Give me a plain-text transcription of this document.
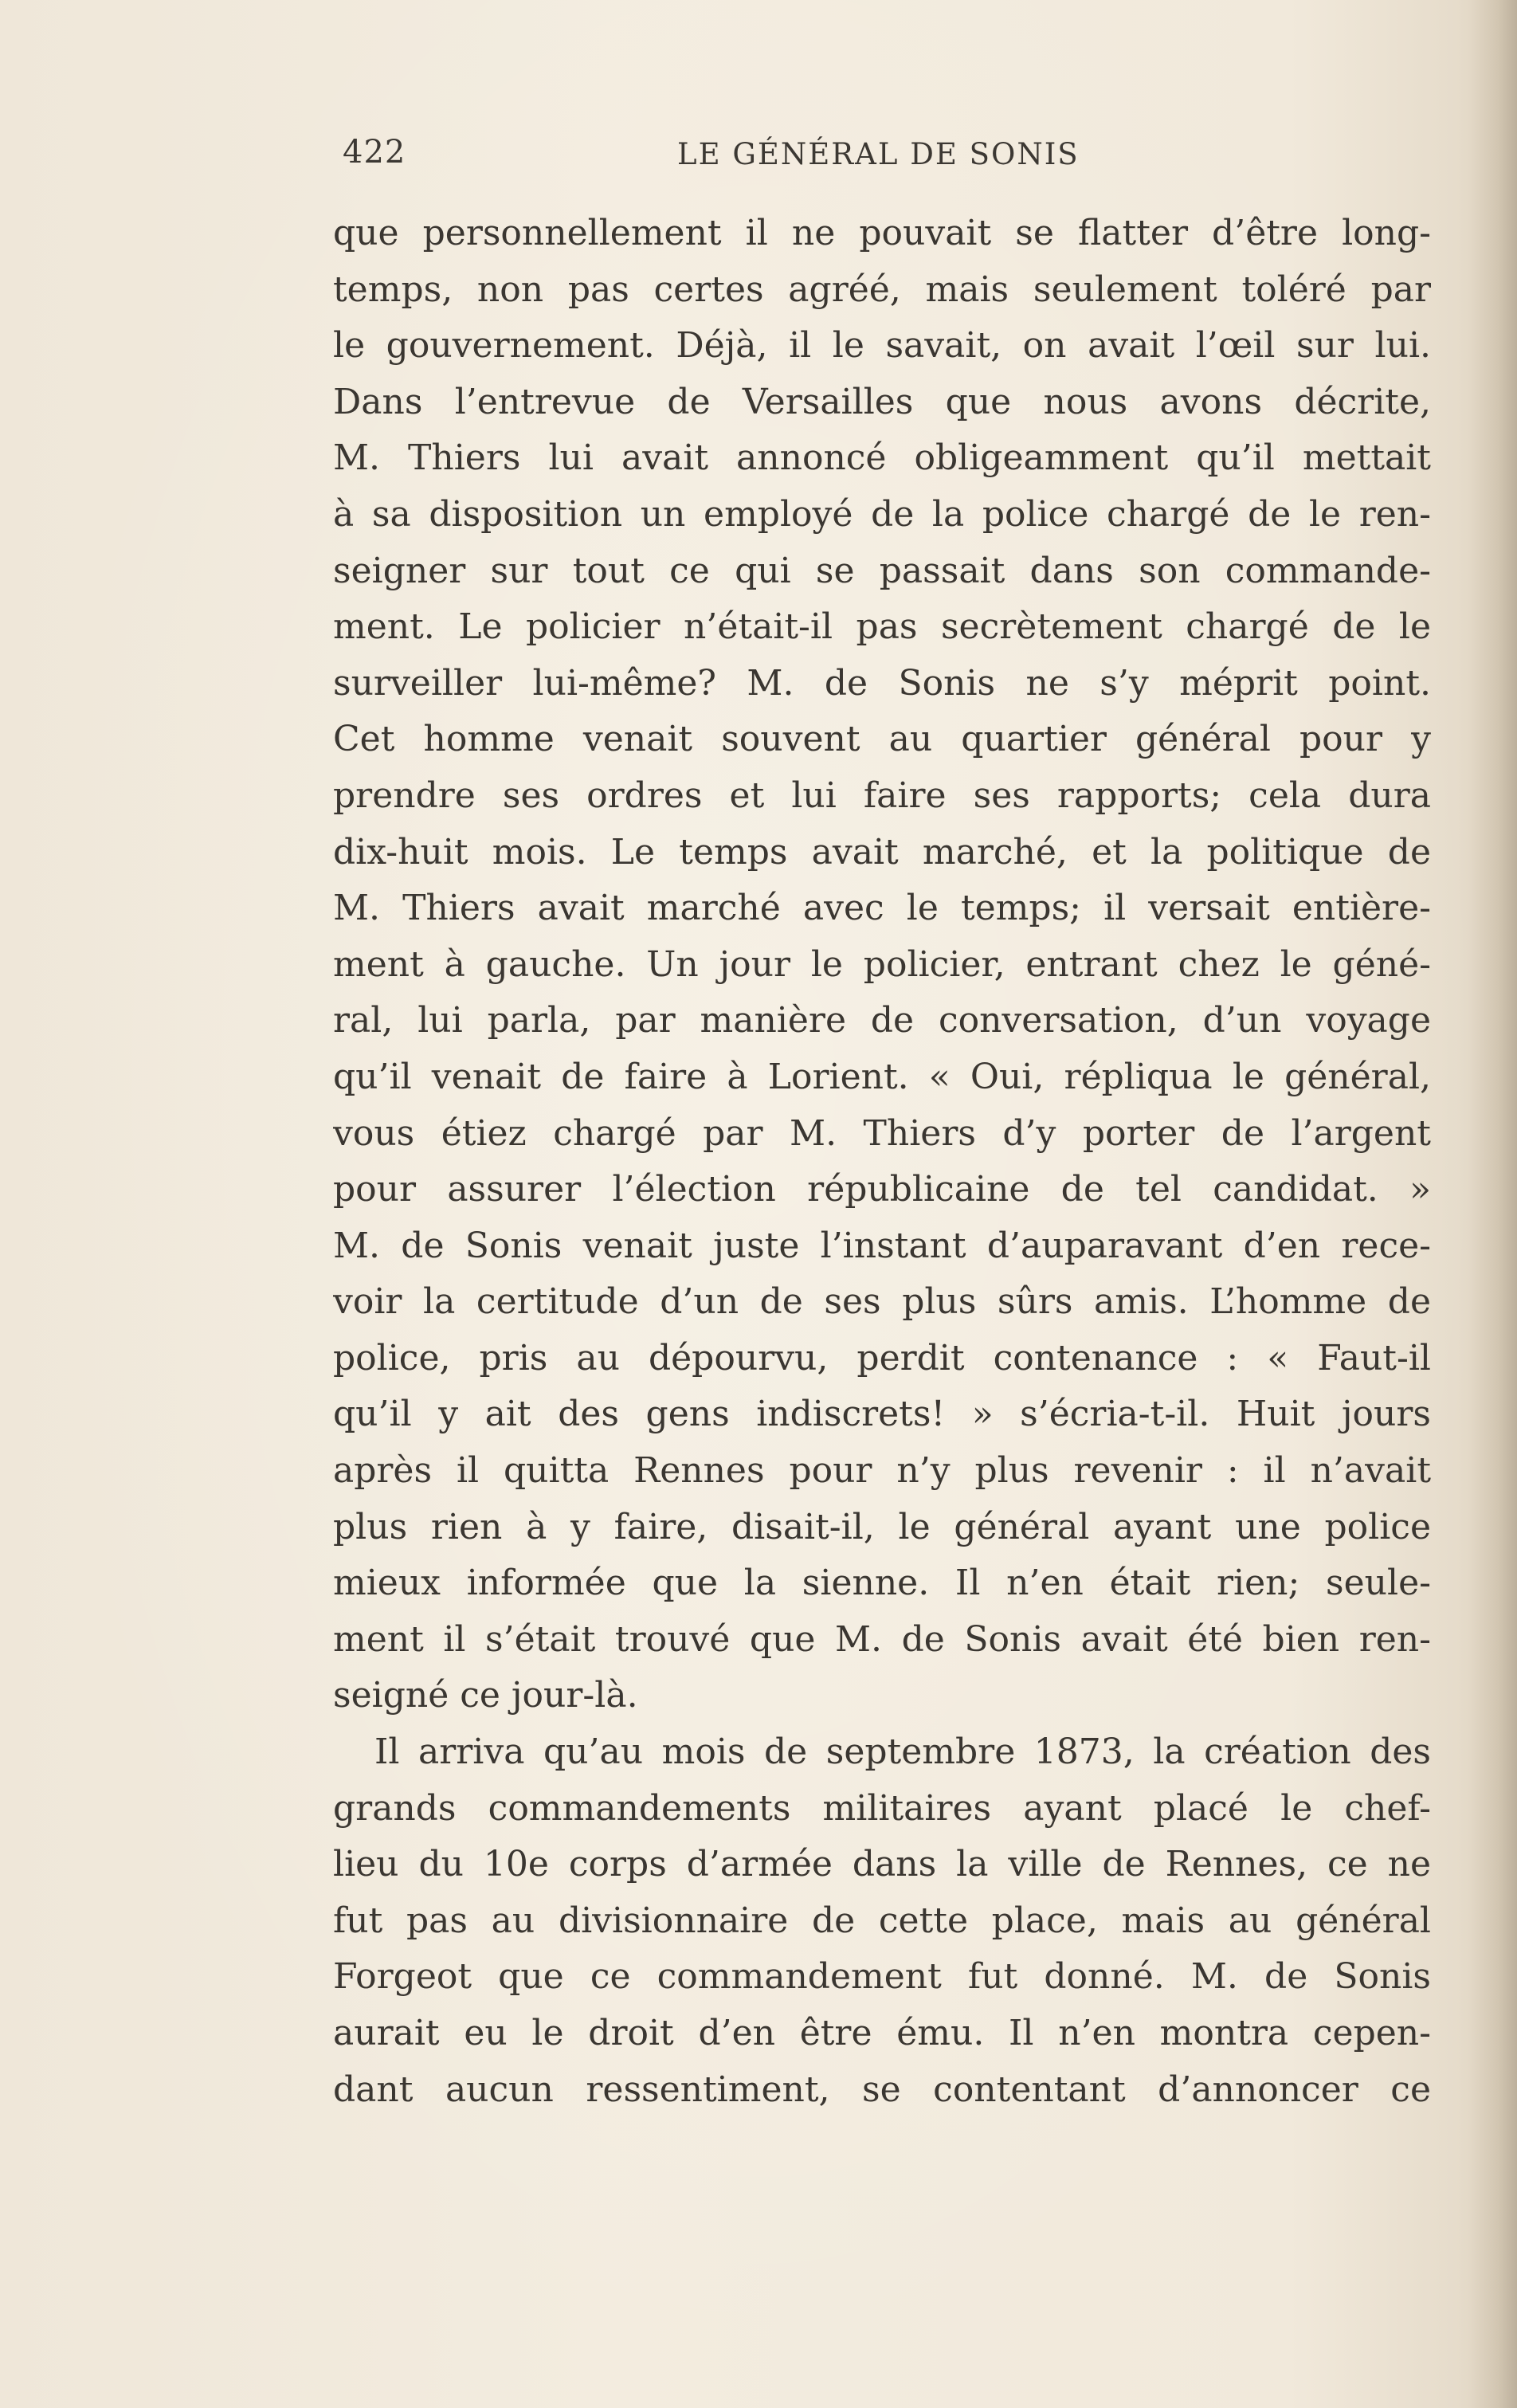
422	LE GÉNÉRAL DE SONIS
que personnellement il ne pouvait se flatter d’être long-
temps, non pas certes agréé, mais seulement toléré par
le gouvernement. Déjà, il le savait, on avait l’œil sur lui.
Dans l’entrevue de Versailles que nous avons décrite,
M. Thiers lui avait annoncé obligeamment qu’il mettait
à sa disposition un employé de la police chargé de le ren-
seigner sur tout ce qui se passait dans son commande-
ment. Le policier n’était-il pas secrètement chargé de le
surveiller lui-même? M. de Sonis ne s’y méprit point.
Cet homme venait souvent au quartier général pour y
prendre ses ordres et lui faire ses rapports; cela dura
dix-huit mois. Le temps avait marché, et la politique de
M. Thiers avait marché avec le temps; il versait entière-
ment à gauche. Un jour le policier, entrant chez le géné-
ral, lui parla, par manière de conversation, d’un voyage
qu’il venait de faire à Lorient. « Oui, répliqua le général,
vous étiez chargé par M. Thiers d’y porter de l’argent
pour assurer l’élection républicaine de tel candidat. »
M. de Sonis venait juste l’instant d’auparavant d’en rece-
voir la certitude d’un de ses plus sûrs amis. L’homme de
police, pris au dépourvu, perdit contenance : « Faut-il
qu’il y ait des gens indiscrets! » s’écria-t-il. Huit jours
après il quitta Rennes pour n’y plus revenir : il n’avait
plus rien à y faire, disait-il, le général ayant une police
mieux informée que la sienne. Il n’en était rien; seule-
ment il s’était trouvé que M. de Sonis avait été bien ren-
seigné ce jour-là.
Il arriva qu’au mois de septembre 1873, la création des
grands commandements militaires ayant placé le chef-
lieu du 10e corps d’armée dans la ville de Rennes, ce ne
fut pas au divisionnaire de cette place, mais au général
Forgeot que ce commandement fut donné. M. de Sonis
aurait eu le droit d’en être ému. Il n’en montra cepen-
dant aucun ressentiment, se contentant d’annoncer ce
